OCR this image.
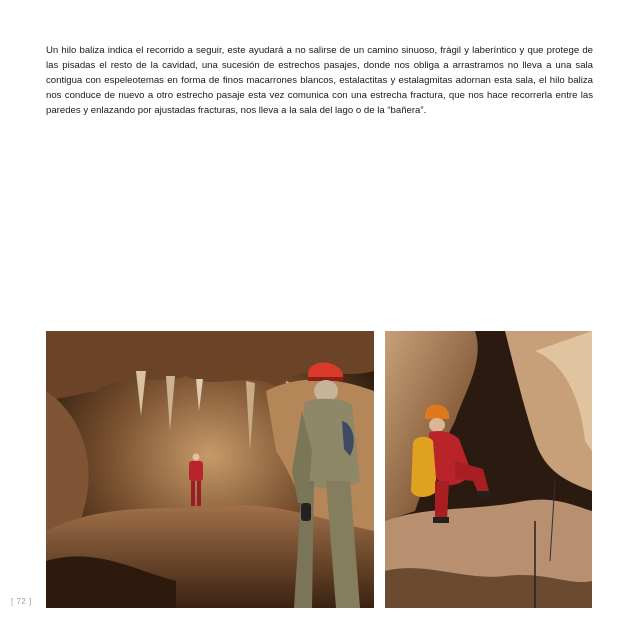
Un hilo baliza indica el recorrido a seguir, este ayudará a no salirse de un camino sinuoso, frágil y laberíntico y que protege de las pisadas el resto de la cavidad, una sucesión de estrechos pasajes, donde nos obliga a arrastramos no lleva a una sala contigua con espeleotemas en forma de finos macarrones blancos, estalactitas y estalagmitas adornan esta sala, el hilo baliza nos conduce de nuevo a otro estrecho pasaje esta vez comunica con una estrecha fractura, que nos hace recorrerla entre las paredes y enlazando por ajustadas fracturas, nos lleva a la sala del lago o de la “bañera”.

[ 72 ]
